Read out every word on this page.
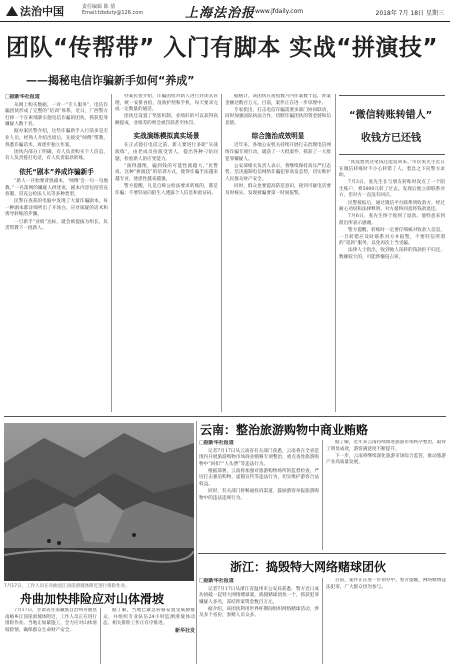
法治中国	责任编辑 陈 倩
Email:fzbduty@126.com	上海法治报 www.jfdaily.com	2018年 7月 18日 星期三
团队“传帮带” 入门有脚本 实战“拼演技”
——揭秘电信诈骗新手如何“养成”
□据新华社报道

从网上购买数据、一对一“专人服务”，电信诈骗团伙形成了完整的“培训”体系。近日，广西警方打掉一个在柬埔寨实施电信诈骗的团伙，抓获犯罪嫌疑人数十名。

据办案民警介绍，这些诈骗新手入行前多是无业人员，经熟人介绍出境后，先接受“师傅”带教，熟悉诈骗话术，再逐步独立作案。

团伙内部分工明确，有人负责购买个人信息，有人负责拨打电话，有人负责取款转账。

依托“剧本”养成诈骗新手

“新人一开始要背熟剧本，‘师傅’会一句一句地教。”一名落网的嫌疑人供述说，剧本内容包括冒充客服、冒充公检法人员等多种类型。

民警在查获的电脑中发现了大量诈骗剧本，每一种剧本都详细列出了开场白、应对质疑的话术和诱导转账的步骤。

一旦新手“业绩”达标，就会被提拔为组长，负责带教下一批新人。

办案民警介绍，诈骗团伙对新人进行封闭式管理，统一安排食宿，没收护照和手机，每天要求完成一定数量的通话。

团伙还设置了奖惩机制，业绩好的可以获得高额提成，业绩差的则会被罚款甚至体罚。

实战演练模拟真实场景

在正式拨打电话之前，新人要进行多轮“实战演练”，由老成员扮演受害人，提出各种刁钻问题，检验新人的应变能力。

“演得越像，骗到钱的可能性就越大。”民警说，这种“拼演技”的培训方式，使得诈骗手法越来越专业，迷惑性越来越强。

警方提醒，凡是自称公检法要求转账的，都是诈骗；不要轻易向陌生人透露个人信息和验证码。

据统计，该团伙在短短数月内作案数十起，涉案金额达数百万元。目前，案件正在进一步审理中。

专家指出，打击电信诈骗需要多部门协同联动，同时加强国际执法合作，切断诈骗团伙的资金链和信息链。

综合施治成效明显

近年来，各地公安机关持续开展打击治理电信网络诈骗专项行动，破获了一大批案件，抓获了一大批犯罪嫌疑人。

公安部相关负责人表示，将继续保持高压严打态势，坚决遏制电信网络诈骗犯罪高发态势，切实维护人民群众财产安全。

同时，群众也要提高防范意识，接到可疑电话要及时核实，发现被骗要第一时间报警。

“微信转账转错人”
收钱方已还钱

“真没想到这笔钱还能追回来。”市民张先生近日在微信转账时不小心转错了人，着急之下向警方求助。

7月3日，张先生在与朋友转账时误点了一个陌生账户，将5000元转了过去。发现后他立即联系对方，但对方一直没有回应。

民警接报后，通过微信平台联系到收款方，经过耐心劝说和法律释明，对方最终同意将钱款退还。

7月6日，张先生终于收到了退款。他特意来到派出所表示感谢。

警方提醒，转账时一定要仔细核对收款人信息，一旦转错应及时联系对方并报警，不要轻信所谓的“追款”服务，以免再次上当受骗。

法律人士指出，收到他人误转的钱款拒不归还，数额较大的，可能涉嫌侵占罪。

7月17日，工作人员在舟曲县江顶崖滑坡体附近进行排险作业。
云南：整治旅游购物中商业贿赂
□据新华社报道

记者7月17日从云南省有关部门获悉，云南将在全省范围内开展旅游购物市场商业贿赂专项整治，重点查处旅游购物中“回扣”“人头费”等违法行为。

根据部署，云南将加强对旅游购物场所的监督检查，严厉打击强迫购物、虚假宣传等违法行为，切实维护游客合法权益。

同时，有关部门将畅通投诉渠道，鼓励游客举报旅游购物中的违法违规行为。

据了解，近年来云南持续推进旅游市场秩序整治，取得了明显成效，游客满意度不断提升。

下一步，云南将继续深化旅游市场综合监管，推动旅游产业高质量发展。

浙江：捣毁特大网络赌球团伙
□据新华社报道

记者7月17日从浙江省温州市公安局获悉，警方近日成功侦破一起特大网络赌球案，捣毁赌球团伙一个，抓获犯罪嫌疑人多名，冻结涉案资金数百万元。

据介绍，该团伙利用世界杯期间组织网络赌球活动，涉及多个省份，参赌人员众多。

目前，案件正在进一步侦办中。警方提醒，网络赌博违法犯罪，广大群众切勿参与。

舟曲加快排险应对山体滑坡

7月17日，甘肃省甘南藏族自治州舟曲县南峪乡江顶崖滑坡体附近，工作人员正在进行排险作业。当地正加紧施工，全力应对山体滑坡险情，确保群众生命财产安全。

据了解，当地已紧急转移安置受威胁群众，并组织专业队伍24小时监测滑坡体动态，相关排险工作正有序推进。

新华社发
